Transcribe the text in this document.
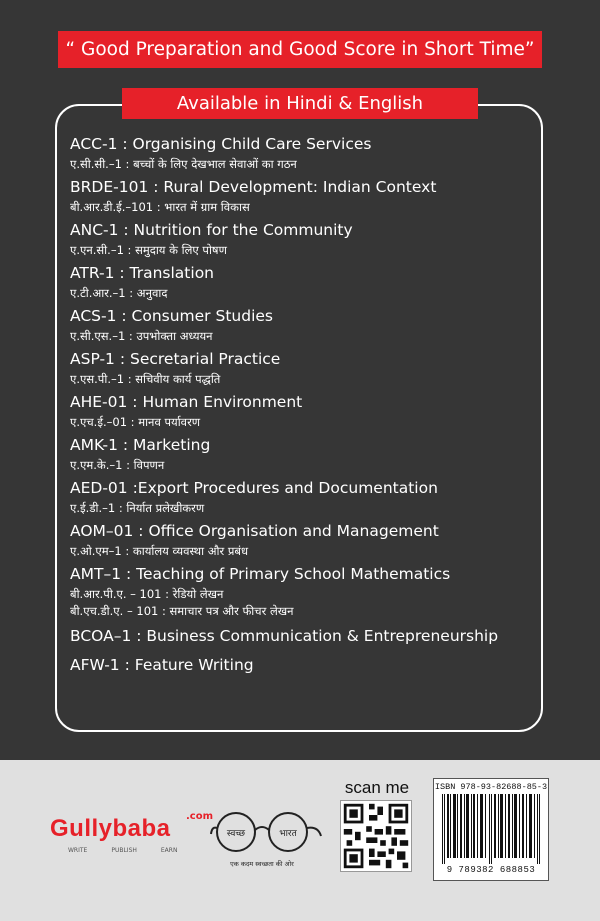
“ Good Preparation and Good Score in Short Time”
Available in Hindi & English
ACC-1 : Organising Child Care Services
ए.सी.सी.–1 : बच्चों के लिए देखभाल सेवाओं का गठन
BRDE-101 : Rural Development: Indian Context
बी.आर.डी.ई.–101 : भारत में ग्राम विकास
ANC-1 : Nutrition for the Community
ए.एन.सी.–1 : समुदाय के लिए पोषण
ATR-1 : Translation
ए.टी.आर.–1 : अनुवाद
ACS-1 : Consumer Studies
ए.सी.एस.–1 : उपभोक्ता अध्ययन
ASP-1 : Secretarial Practice
ए.एस.पी.–1 : सचिवीय कार्य पद्धति
AHE-01 : Human Environment
ए.एच.ई.–01 : मानव पर्यावरण
AMK-1 : Marketing
ए.एम.के.–1 : विपणन
AED-01 :Export Procedures and Documentation
ए.ई.डी.–1 : निर्यात प्रलेखीकरण
AOM–01 : Office Organisation and Management
ए.ओ.एम–1 : कार्यालय व्यवस्था और प्रबंध
AMT–1 : Teaching of Primary School Mathematics
बी.आर.पी.ए. – 101 : रेडियो लेखन
बी.एच.डी.ए. – 101 : समाचार पत्र और फीचर लेखन
BCOA–1 : Business Communication & Entrepreneurship
AFW-1 : Feature Writing
Gullybaba	.com
WRITE	PUBLISH	EARN
स्वच्छ	भारत
एक कदम स्वच्छता की ओर
scan me	ISBN 978-93-82688-85-3
9 789382 688853
